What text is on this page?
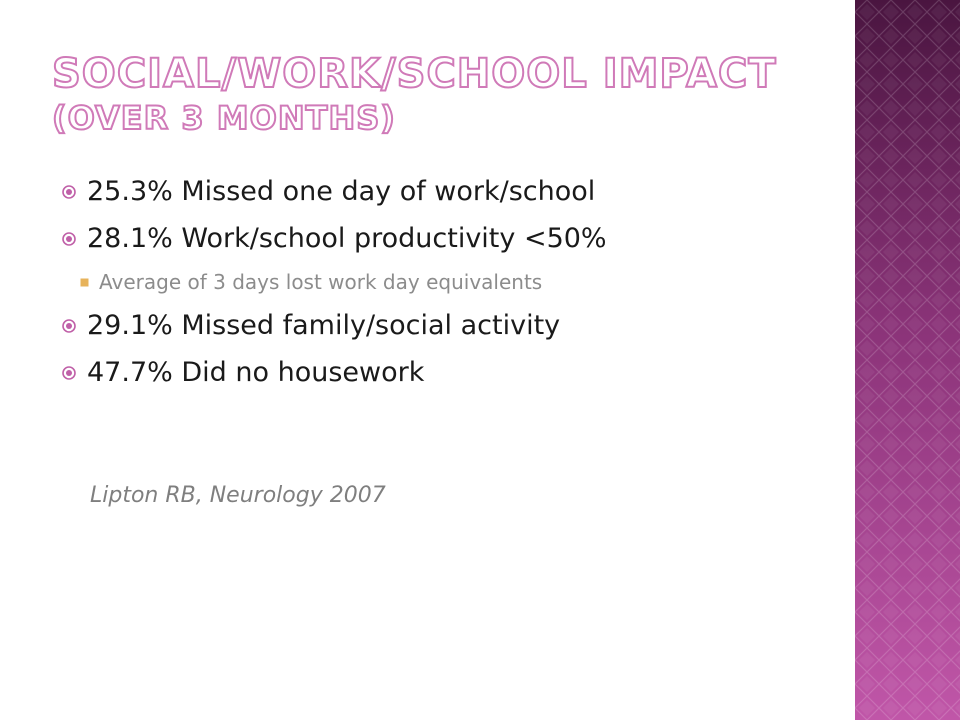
SOCIAL/WORK/SCHOOL IMPACT
(OVER 3 MONTHS)
25.3% Missed one day of work/school
28.1% Work/school productivity <50%
Average of 3 days lost work day equivalents
29.1% Missed family/social activity
47.7% Did no housework

Lipton RB, Neurology 2007
